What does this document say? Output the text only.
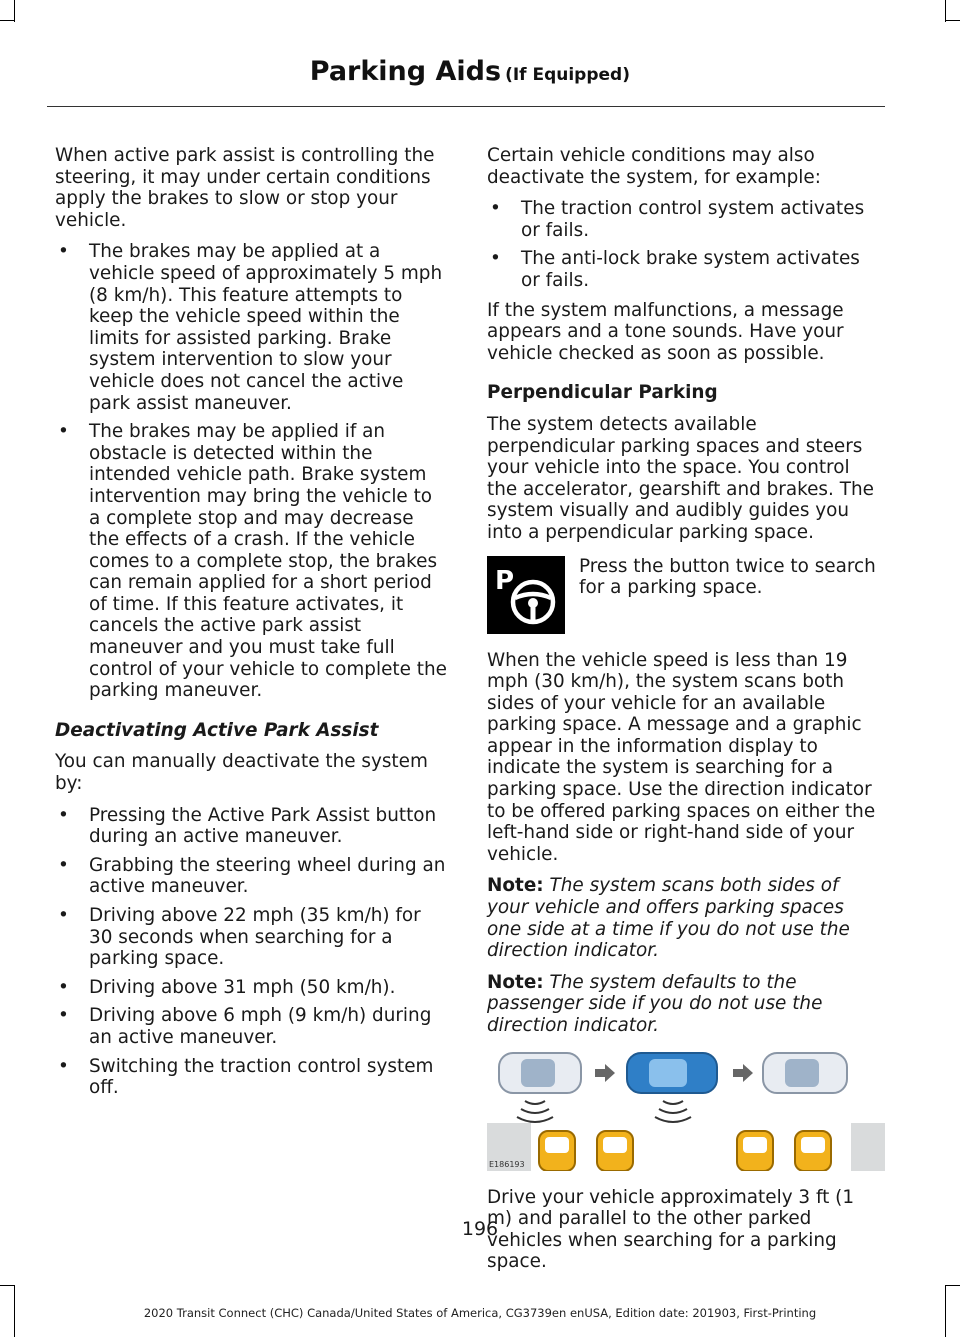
Parking Aids (If Equipped)

When active park assist is controlling the steering, it may under certain conditions apply the brakes to slow or stop your vehicle.

• The brakes may be applied at a vehicle speed of approximately 5 mph (8 km/h). This feature attempts to keep the vehicle speed within the limits for assisted parking. Brake system intervention to slow your vehicle does not cancel the active park assist maneuver.
• The brakes may be applied if an obstacle is detected within the intended vehicle path. Brake system intervention may bring the vehicle to a complete stop and may decrease the effects of a crash. If the vehicle comes to a complete stop, the brakes can remain applied for a short period of time. If this feature activates, it cancels the active park assist maneuver and you must take full control of your vehicle to complete the parking maneuver.
Deactivating Active Park Assist

You can manually deactivate the system by:

• Pressing the Active Park Assist button during an active maneuver.
• Grabbing the steering wheel during an active maneuver.
• Driving above 22 mph (35 km/h) for 30 seconds when searching for a parking space.
• Driving above 31 mph (50 km/h).
• Driving above 6 mph (9 km/h) during an active maneuver.
• Switching the traction control system off.

Certain vehicle conditions may also deactivate the system, for example:

• The traction control system activates or fails.
• The anti-lock brake system activates or fails.

If the system malfunctions, a message appears and a tone sounds. Have your vehicle checked as soon as possible.

Perpendicular Parking

The system detects available perpendicular parking spaces and steers your vehicle into the space. You control the accelerator, gearshift and brakes. The system visually and audibly guides you into a perpendicular parking space.

P	Press the button twice to search for a parking space.

When the vehicle speed is less than 19 mph (30 km/h), the system scans both sides of your vehicle for an available parking space. A message and a graphic appear in the information display to indicate the system is searching for a parking space. Use the direction indicator to be offered parking spaces on either the left-hand side or right-hand side of your vehicle.

Note: The system scans both sides of your vehicle and offers parking spaces one side at a time if you do not use the direction indicator.

Note: The system defaults to the passenger side if you do not use the direction indicator.

E186193

Drive your vehicle approximately 3 ft (1 m) and parallel to the other parked vehicles when searching for a parking space.

196
2020 Transit Connect (CHC) Canada/United States of America, CG3739en enUSA, Edition date: 201903, First-Printing
